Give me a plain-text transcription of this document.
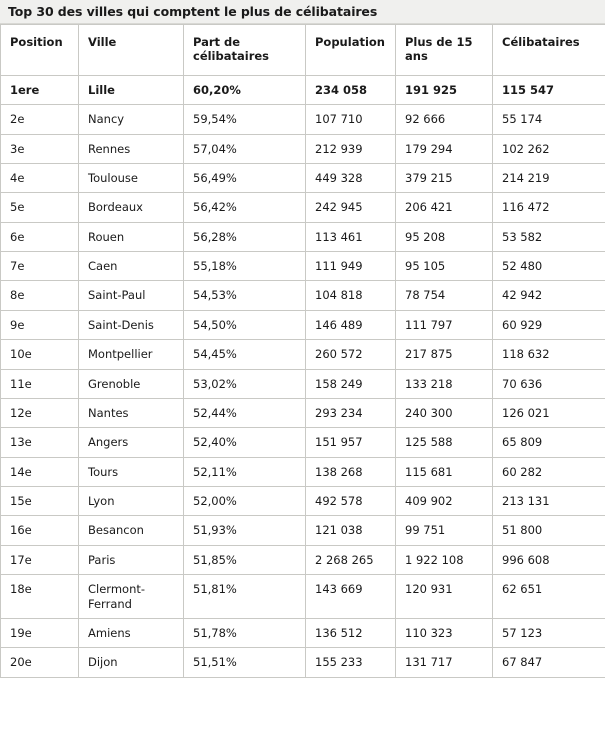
Top 30 des villes qui comptent le plus de célibataires
Position	Ville	Part de célibataires	Population	Plus de 15 ans	Célibataires
1ere	Lille	60,20%	234 058	191 925	115 547
2e	Nancy	59,54%	107 710	92 666	55 174
3e	Rennes	57,04%	212 939	179 294	102 262
4e	Toulouse	56,49%	449 328	379 215	214 219
5e	Bordeaux	56,42%	242 945	206 421	116 472
6e	Rouen	56,28%	113 461	95 208	53 582
7e	Caen	55,18%	111 949	95 105	52 480
8e	Saint-Paul	54,53%	104 818	78 754	42 942
9e	Saint-Denis	54,50%	146 489	111 797	60 929
10e	Montpellier	54,45%	260 572	217 875	118 632
11e	Grenoble	53,02%	158 249	133 218	70 636
12e	Nantes	52,44%	293 234	240 300	126 021
13e	Angers	52,40%	151 957	125 588	65 809
14e	Tours	52,11%	138 268	115 681	60 282
15e	Lyon	52,00%	492 578	409 902	213 131
16e	Besancon	51,93%	121 038	99 751	51 800
17e	Paris	51,85%	2 268 265	1 922 108	996 608
18e	Clermont-Ferrand	51,81%	143 669	120 931	62 651
19e	Amiens	51,78%	136 512	110 323	57 123
20e	Dijon	51,51%	155 233	131 717	67 847
